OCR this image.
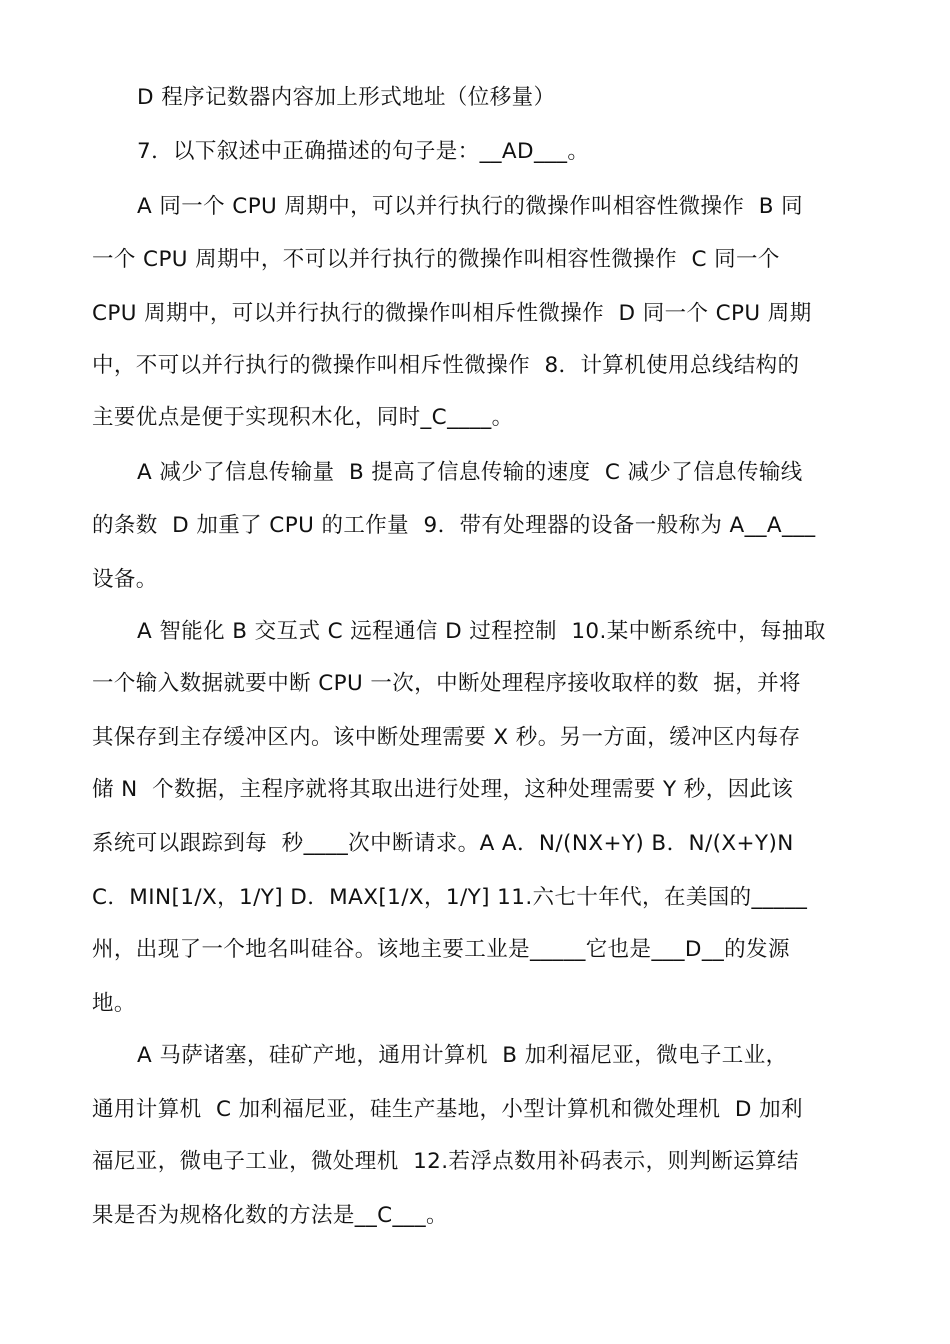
D 程序记数器内容加上形式地址（位移量）
7．以下叙述中正确描述的句子是：__AD___。
A 同一个 CPU 周期中，可以并行执行的微操作叫相容性微操作  B 同
一个 CPU 周期中，不可以并行执行的微操作叫相容性微操作  C 同一个
CPU 周期中，可以并行执行的微操作叫相斥性微操作  D 同一个 CPU 周期
中，不可以并行执行的微操作叫相斥性微操作  8．计算机使用总线结构的
主要优点是便于实现积木化，同时_C____。
A 减少了信息传输量  B 提高了信息传输的速度  C 减少了信息传输线
的条数  D 加重了 CPU 的工作量  9．带有处理器的设备一般称为 A__A___
设备。
A 智能化 B 交互式 C 远程通信 D 过程控制  10.某中断系统中，每抽取
一个输入数据就要中断 CPU 一次，中断处理程序接收取样的数  据，并将
其保存到主存缓冲区内。该中断处理需要 X 秒。另一方面，缓冲区内每存
储 N  个数据，主程序就将其取出进行处理，这种处理需要 Y 秒，因此该
系统可以跟踪到每  秒____次中断请求。A A．N/(NX+Y) B．N/(X+Y)N
C．MIN[1/X，1/Y] D．MAX[1/X，1/Y] 11.六七十年代，在美国的_____
州，出现了一个地名叫硅谷。该地主要工业是_____它也是___D__的发源
地。
A 马萨诸塞，硅矿产地，通用计算机  B 加利福尼亚，微电子工业，
通用计算机  C 加利福尼亚，硅生产基地，小型计算机和微处理机  D 加利
福尼亚，微电子工业，微处理机  12.若浮点数用补码表示，则判断运算结
果是否为规格化数的方法是__C___。
